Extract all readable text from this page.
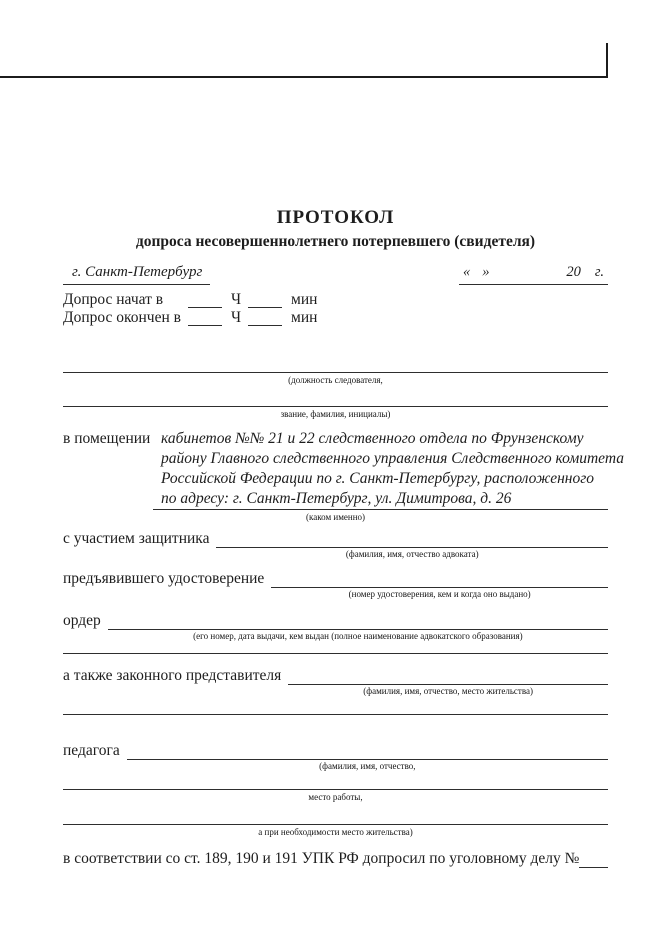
ПРОТОКОЛ
допроса несовершеннолетнего потерпевшего (свидетеля)
г. Санкт-Петербург	« »	20 г.
Допрос начат в	Ч	мин
Допрос окончен в	Ч	мин
(должность следователя,
звание, фамилия, инициалы)
в помещении кабинетов №№ 21 и 22 следственного отдела по Фрунзенскому
району Главного следственного управления Следственного комитета
Российской Федерации по г. Санкт-Петербургу, расположенного
по адресу: г. Санкт-Петербург, ул. Димитрова, д. 26
(каком именно)
с участием защитника
(фамилия, имя, отчество адвоката)
предъявившего удостоверение
(номер удостоверения, кем и когда оно выдано)
ордер
(его номер, дата выдачи, кем выдан (полное наименование адвокатского образования)
а также законного представителя
(фамилия, имя, отчество, место жительства)
педагога
(фамилия, имя, отчество,
место работы,
а при необходимости место жительства)
в соответствии со ст. 189, 190 и 191 УПК РФ допросил по уголовному делу №
